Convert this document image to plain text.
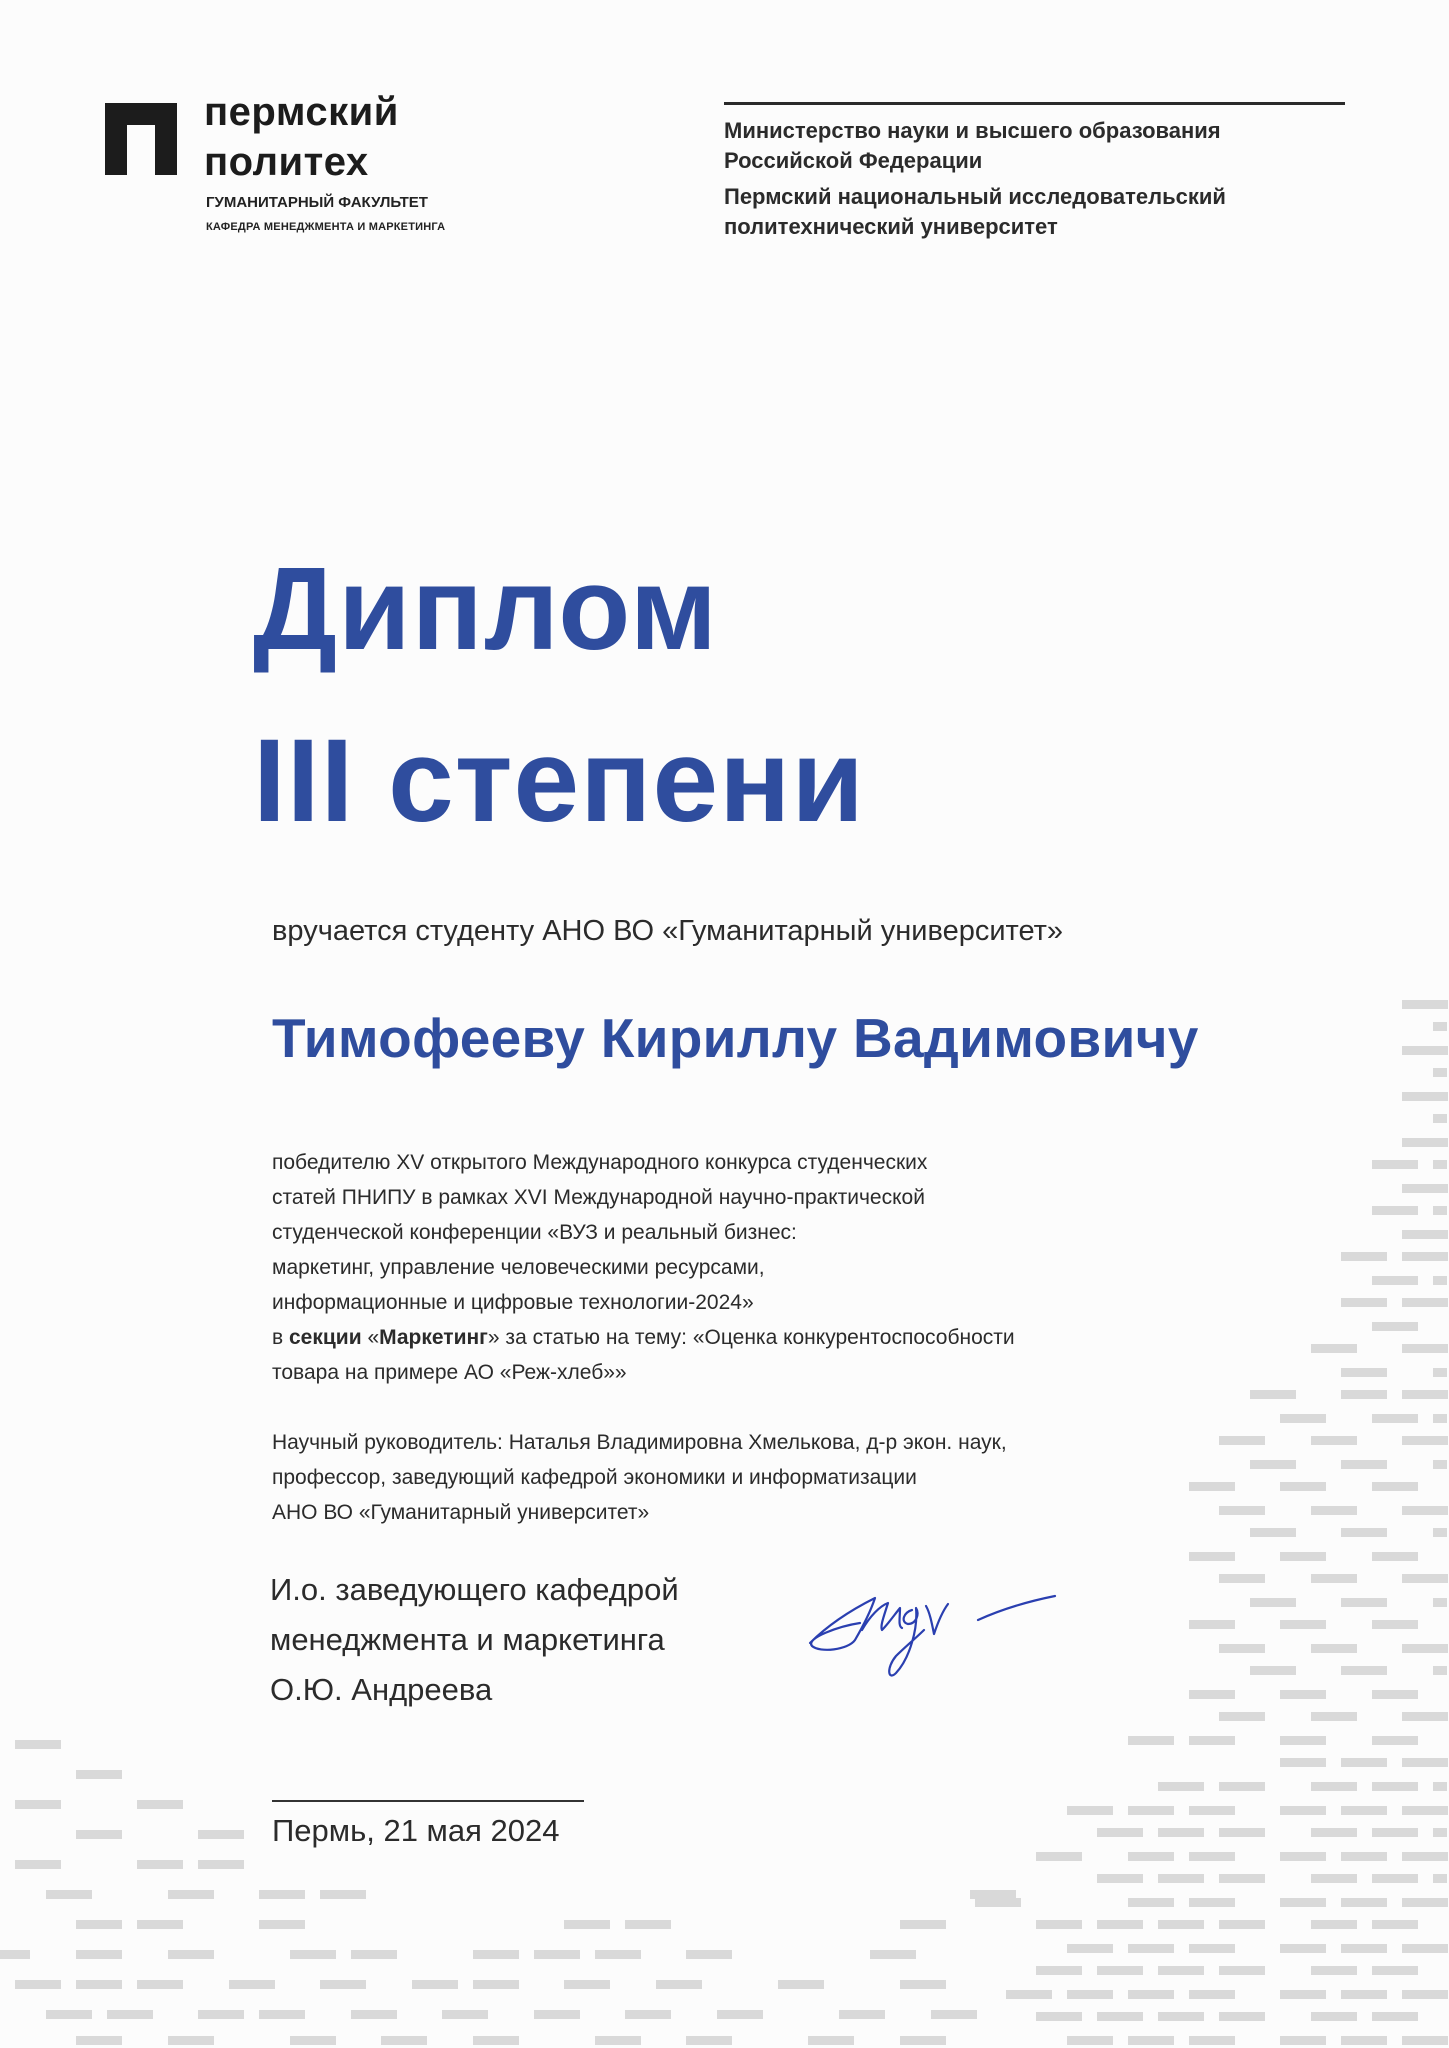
пермский
политех
ГУМАНИТАРНЫЙ ФАКУЛЬТЕТ
КАФЕДРА МЕНЕДЖМЕНТА И МАРКЕТИНГА
Министерство науки и высшего образования
Российской Федерации
Пермский национальный исследовательский
политехнический университет
Диплом
III степени
вручается студенту АНО ВО «Гуманитарный университет»
Тимофееву Кириллу Вадимовичу
победителю XV открытого Международного конкурса студенческих
статей ПНИПУ в рамках XVI Международной научно-практической
студенческой конференции «ВУЗ и реальный бизнес:
маркетинг, управление человеческими ресурсами,
информационные и цифровые технологии-2024»
в секции «Маркетинг» за статью на тему: «Оценка конкурентоспособности
товара на примере АО «Реж-хлеб»»
Научный руководитель: Наталья Владимировна Хмелькова, д-р экон. наук,
профессор, заведующий кафедрой экономики и информатизации
АНО ВО «Гуманитарный университет»
И.о. заведующего кафедрой
менеджмента и маркетинга
О.Ю. Андреева
Пермь, 21 мая 2024
